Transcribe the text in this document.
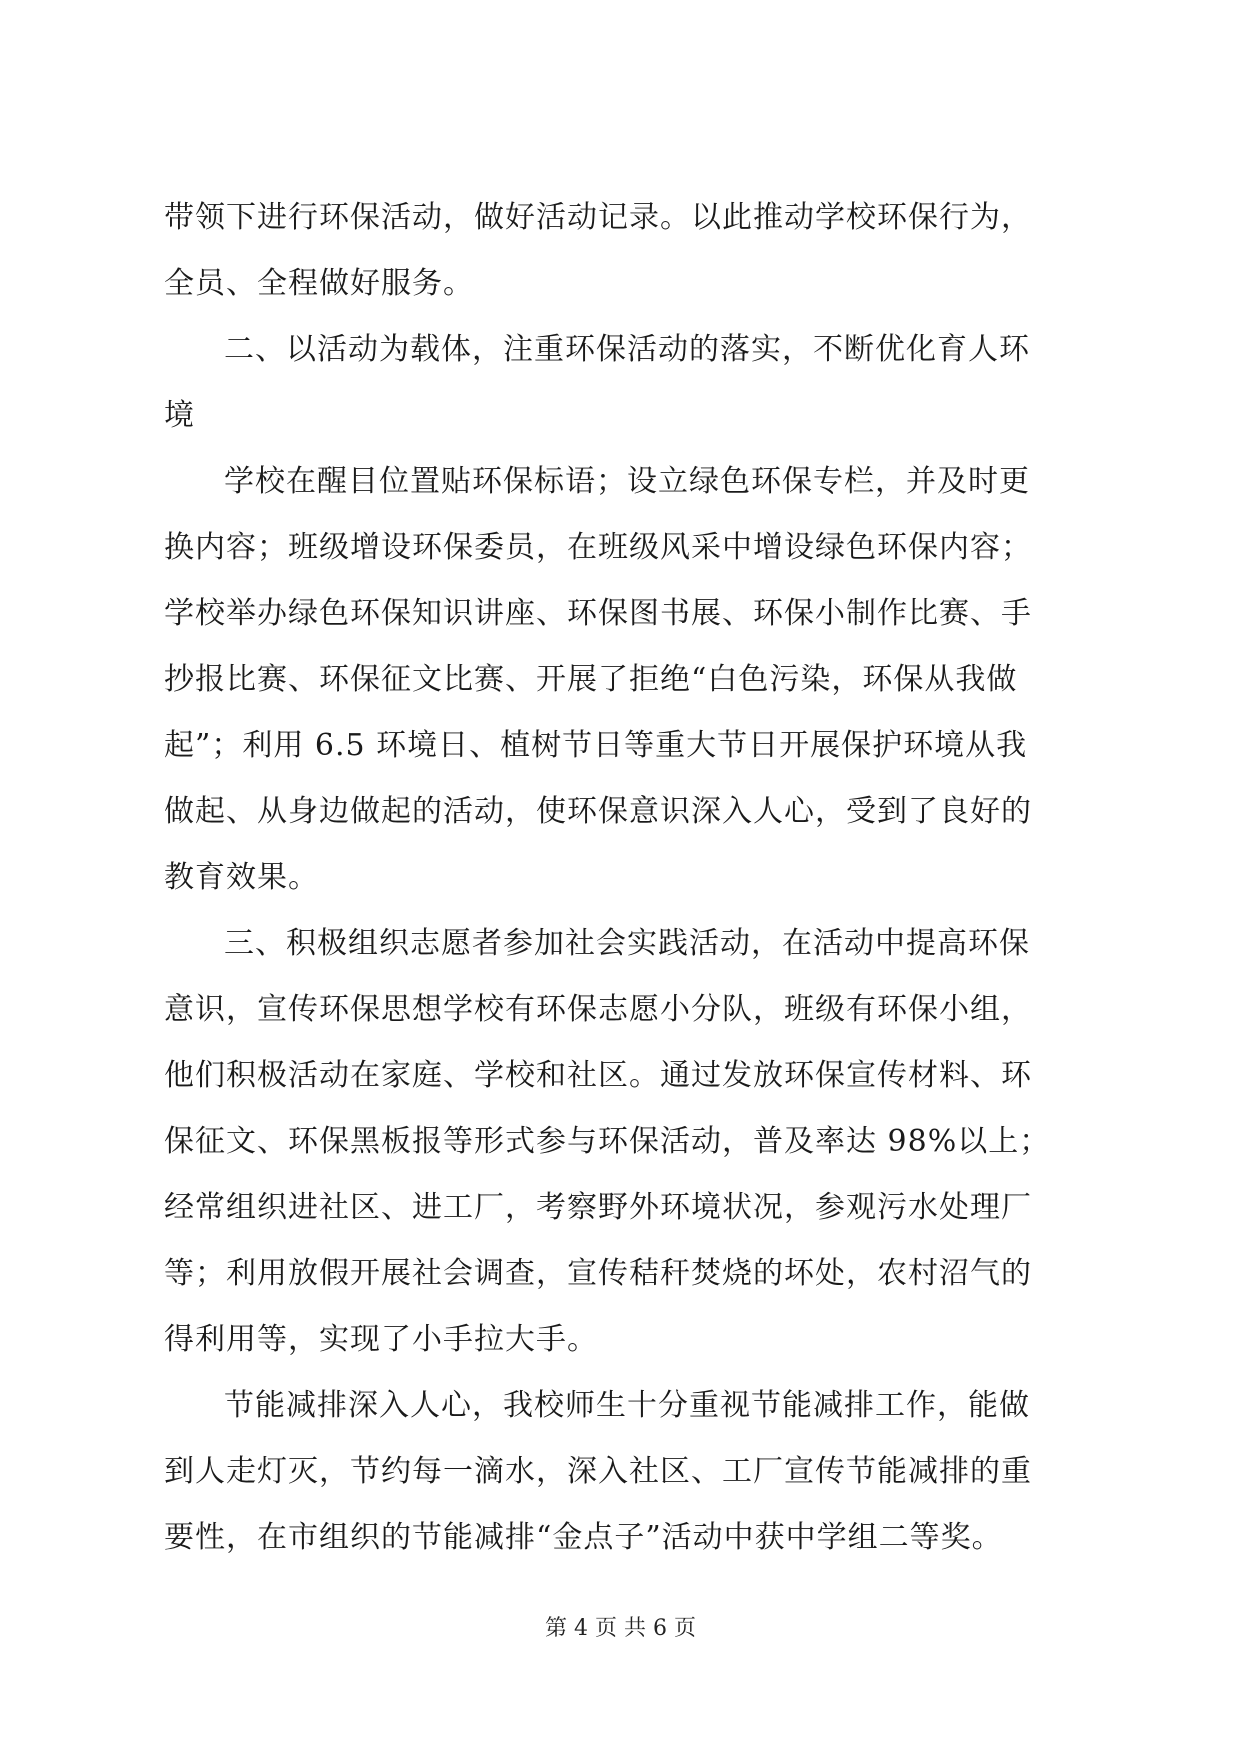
带领下进行环保活动，做好活动记录。以此推动学校环保行为，
全员、全程做好服务。
二、以活动为载体，注重环保活动的落实，不断优化育人环
境
学校在醒目位置贴环保标语；设立绿色环保专栏，并及时更
换内容；班级增设环保委员，在班级风采中增设绿色环保内容；
学校举办绿色环保知识讲座、环保图书展、环保小制作比赛、手
抄报比赛、环保征文比赛、开展了拒绝“白色污染，环保从我做
起”；利用 6.5 环境日、植树节日等重大节日开展保护环境从我
做起、从身边做起的活动，使环保意识深入人心，受到了良好的
教育效果。
三、积极组织志愿者参加社会实践活动，在活动中提高环保
意识，宣传环保思想学校有环保志愿小分队，班级有环保小组，
他们积极活动在家庭、学校和社区。通过发放环保宣传材料、环
保征文、环保黑板报等形式参与环保活动，普及率达 98%以上；
经常组织进社区、进工厂，考察野外环境状况，参观污水处理厂
等；利用放假开展社会调查，宣传秸秆焚烧的坏处，农村沼气的
得利用等，实现了小手拉大手。
节能减排深入人心，我校师生十分重视节能减排工作，能做
到人走灯灭，节约每一滴水，深入社区、工厂宣传节能减排的重
要性，在市组织的节能减排“金点子”活动中获中学组二等奖。
第 4 页 共 6 页
